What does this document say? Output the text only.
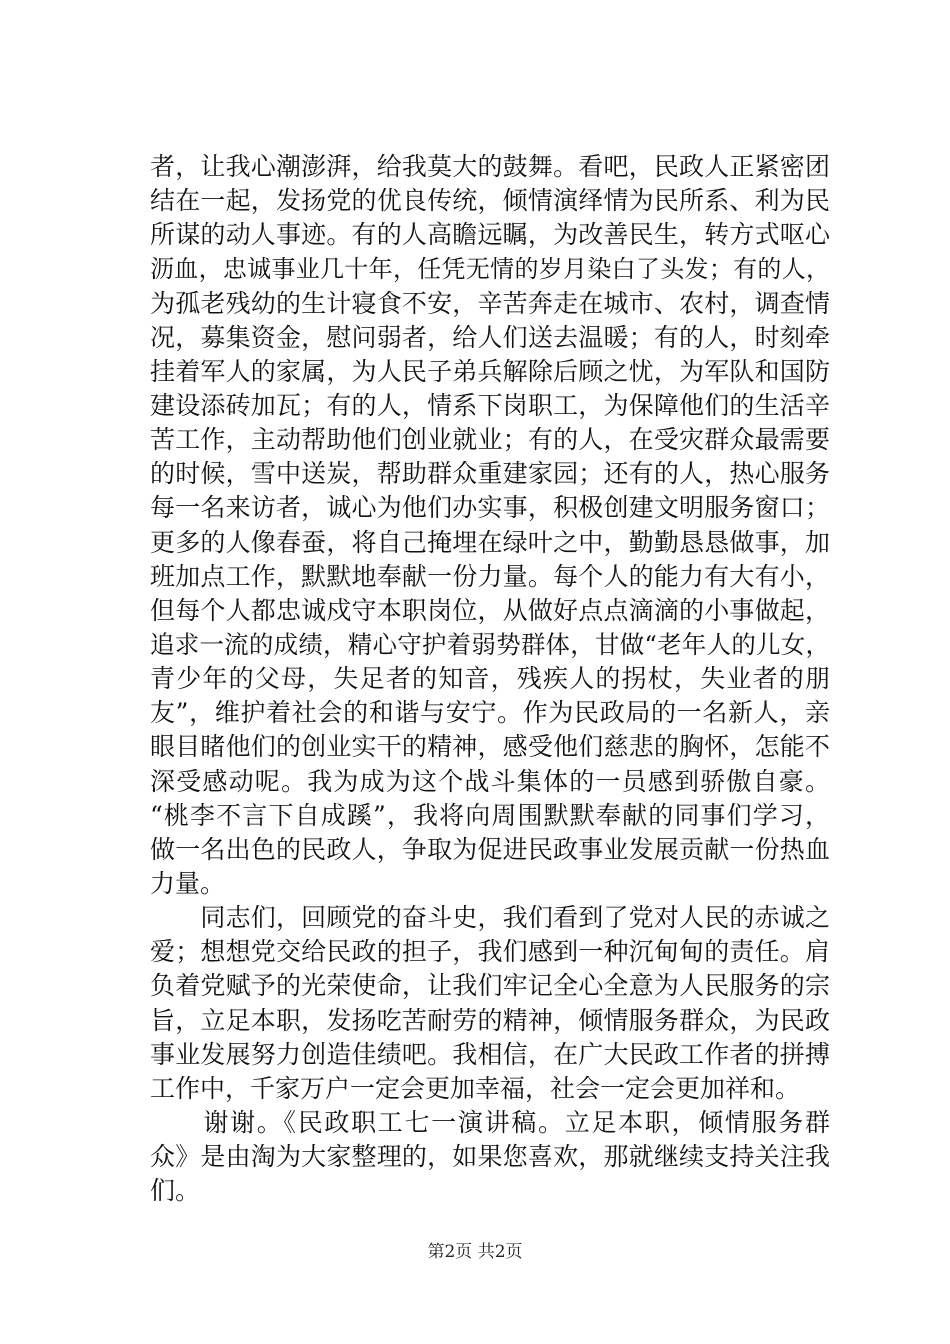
者，让我心潮澎湃，给我莫大的鼓舞。看吧，民政人正紧密团
结在一起，发扬党的优良传统，倾情演绎情为民所系、利为民
所谋的动人事迹。有的人高瞻远瞩，为改善民生，转方式呕心
沥血，忠诚事业几十年，任凭无情的岁月染白了头发；有的人，
为孤老残幼的生计寝食不安，辛苦奔走在城市、农村，调查情
况，募集资金，慰问弱者，给人们送去温暖；有的人，时刻牵
挂着军人的家属，为人民子弟兵解除后顾之忧，为军队和国防
建设添砖加瓦；有的人，情系下岗职工，为保障他们的生活辛
苦工作，主动帮助他们创业就业；有的人，在受灾群众最需要
的时候，雪中送炭，帮助群众重建家园；还有的人，热心服务
每一名来访者，诚心为他们办实事，积极创建文明服务窗口；
更多的人像春蚕，将自己掩埋在绿叶之中，勤勤恳恳做事，加
班加点工作，默默地奉献一份力量。每个人的能力有大有小，
但每个人都忠诚戍守本职岗位，从做好点点滴滴的小事做起，
追求一流的成绩，精心守护着弱势群体，甘做“老年人的儿女，
青少年的父母，失足者的知音，残疾人的拐杖，失业者的朋
友”，维护着社会的和谐与安宁。作为民政局的一名新人，亲
眼目睹他们的创业实干的精神，感受他们慈悲的胸怀，怎能不
深受感动呢。我为成为这个战斗集体的一员感到骄傲自豪。
“桃李不言下自成蹊”，我将向周围默默奉献的同事们学习，
做一名出色的民政人，争取为促进民政事业发展贡献一份热血
力量。
　　同志们，回顾党的奋斗史，我们看到了党对人民的赤诚之
爱；想想党交给民政的担子，我们感到一种沉甸甸的责任。肩
负着党赋予的光荣使命，让我们牢记全心全意为人民服务的宗
旨，立足本职，发扬吃苦耐劳的精神，倾情服务群众，为民政
事业发展努力创造佳绩吧。我相信，在广大民政工作者的拼搏
工作中，千家万户一定会更加幸福，社会一定会更加祥和。
　　谢谢。《民政职工七一演讲稿。立足本职，倾情服务群
众》是由淘为大家整理的，如果您喜欢，那就继续支持关注我
们。
第2页 共2页
